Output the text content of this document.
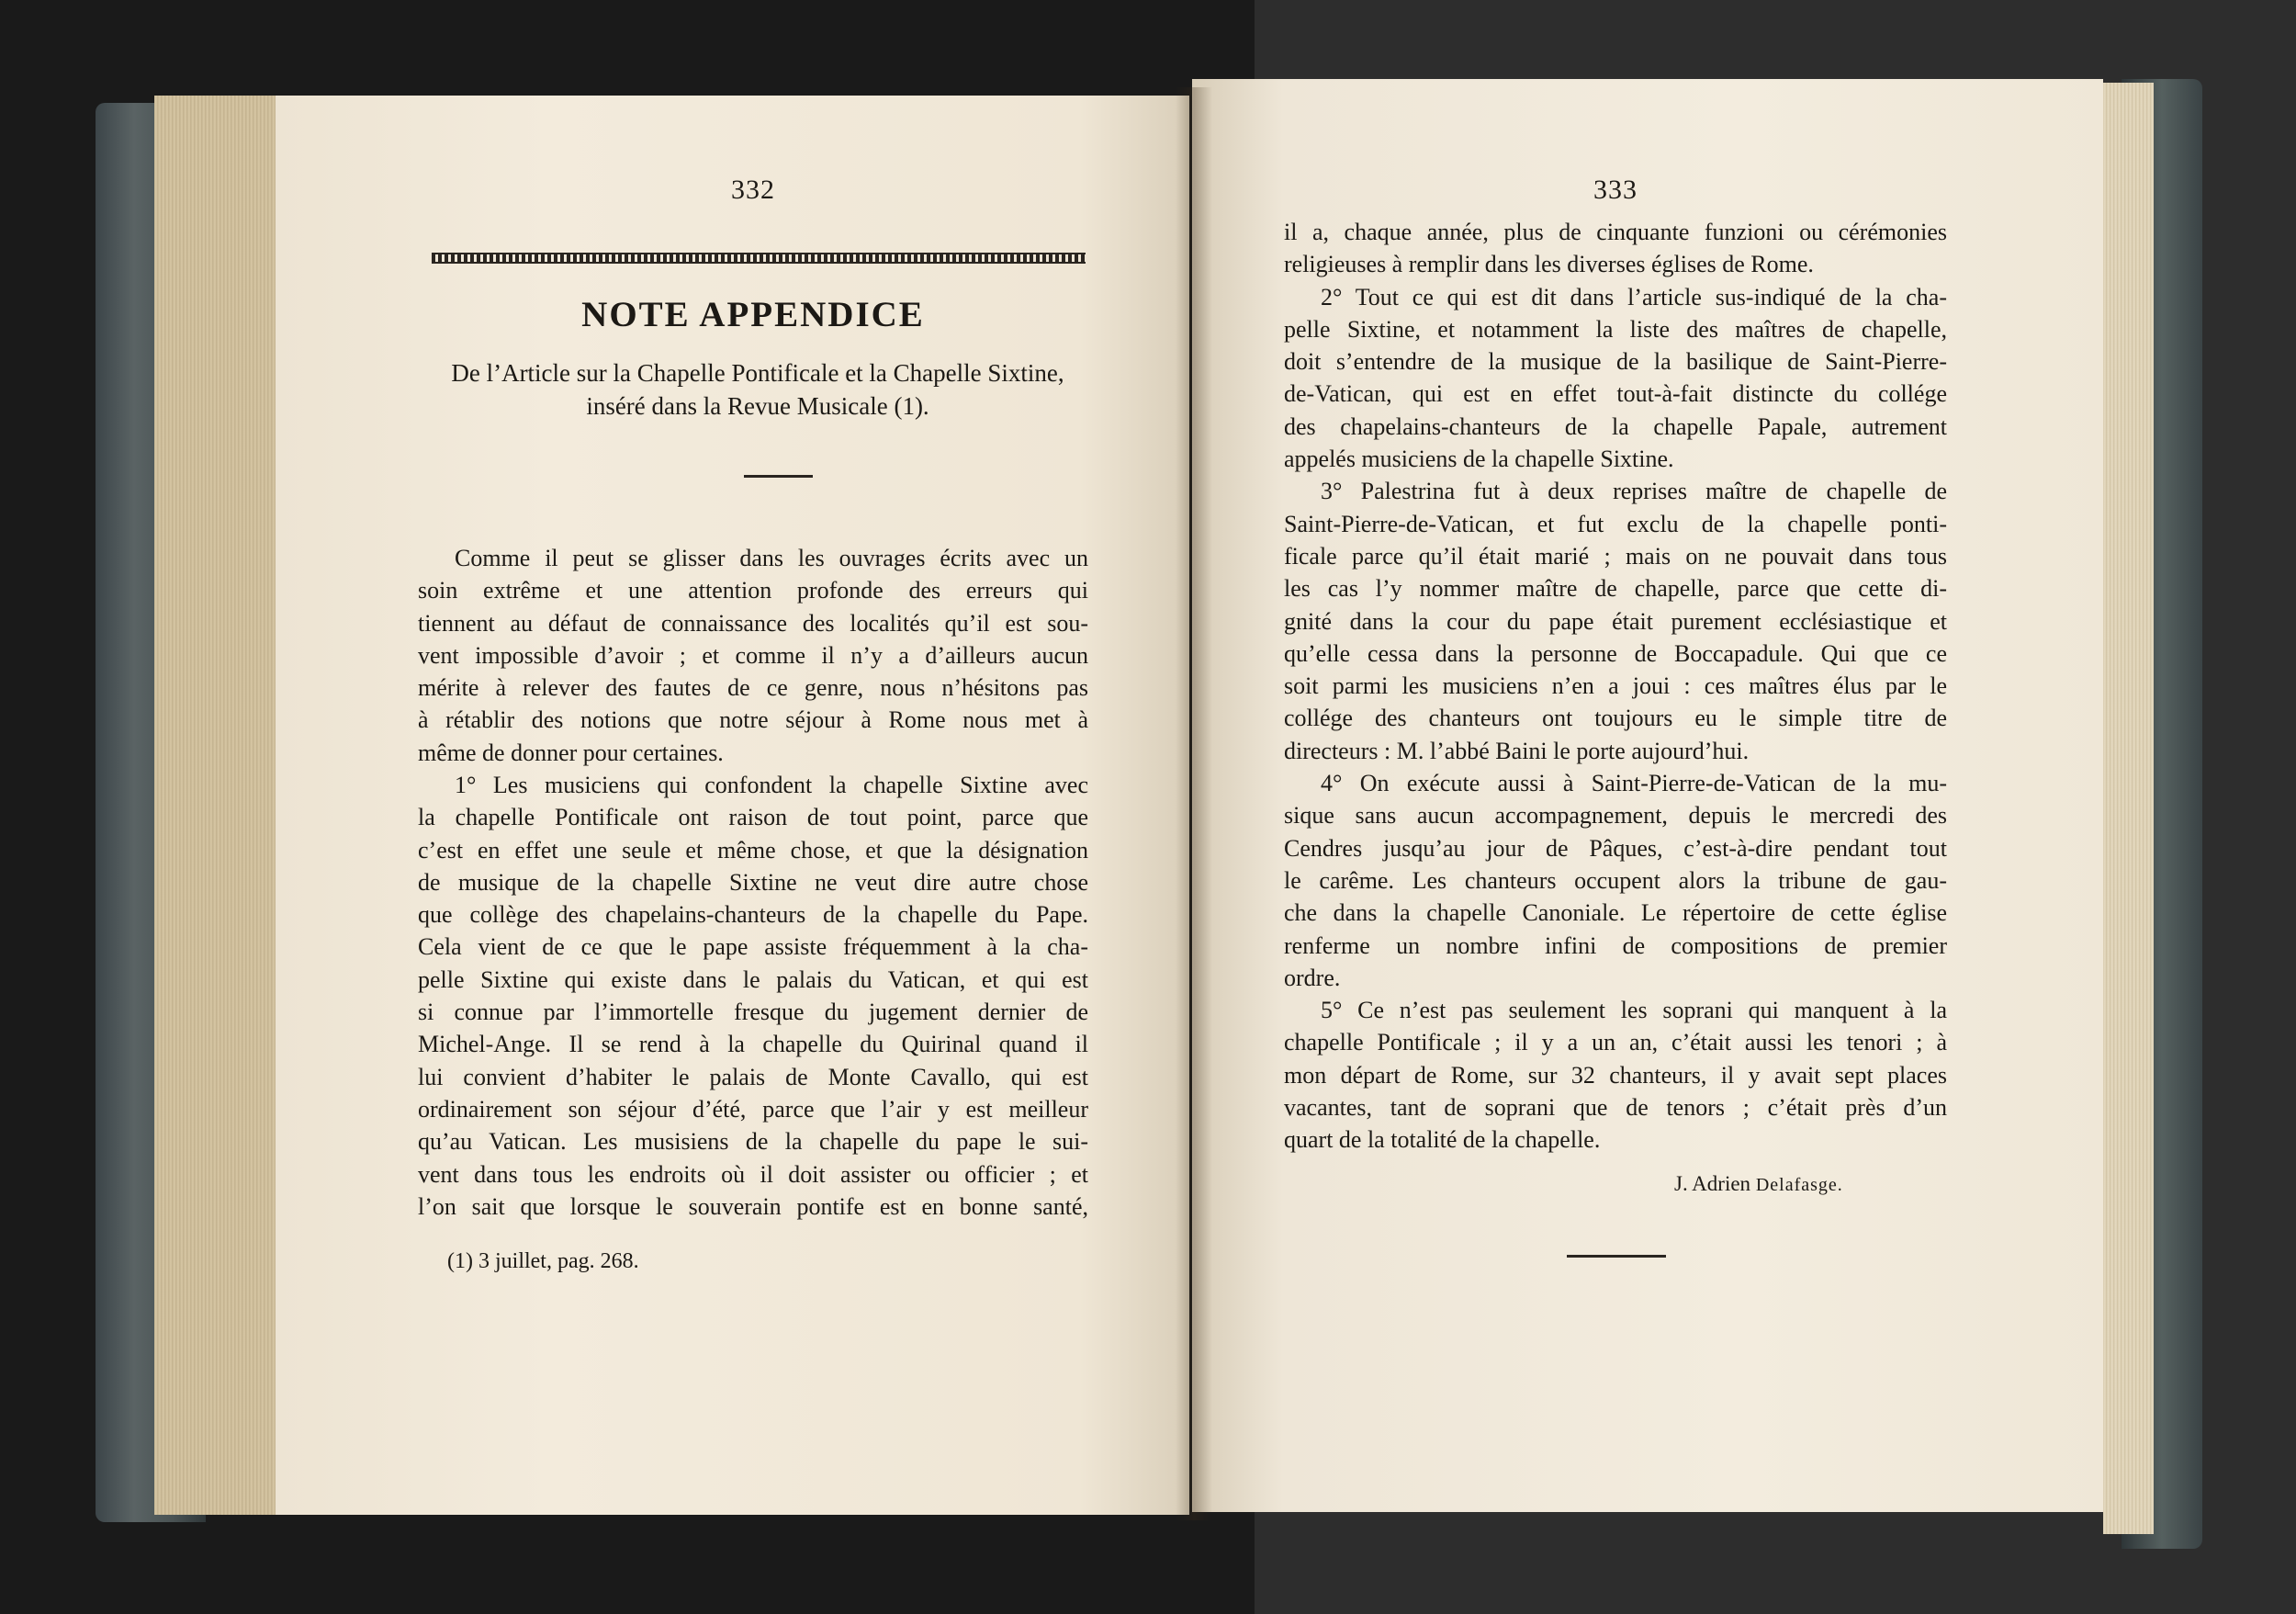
332
NOTE APPENDICE
De l’Article sur la Chapelle Pontificale et la Chapelle Sixtine,
inséré dans la Revue Musicale (1).
Comme il peut se glisser dans les ouvrages écrits avec un
soin extrême et une attention profonde des erreurs qui
tiennent au défaut de connaissance des localités qu’il est sou-
vent impossible d’avoir ; et comme il n’y a d’ailleurs aucun
mérite à relever des fautes de ce genre, nous n’hésitons pas
à rétablir des notions que notre séjour à Rome nous met à
même de donner pour certaines.
1° Les musiciens qui confondent la chapelle Sixtine avec
la chapelle Pontificale ont raison de tout point, parce que
c’est en effet une seule et même chose, et que la désignation
de musique de la chapelle Sixtine ne veut dire autre chose
que collège des chapelains-chanteurs de la chapelle du Pape.
Cela vient de ce que le pape assiste fréquemment à la cha-
pelle Sixtine qui existe dans le palais du Vatican, et qui est
si connue par l’immortelle fresque du jugement dernier de
Michel-Ange. Il se rend à la chapelle du Quirinal quand il
lui convient d’habiter le palais de Monte Cavallo, qui est
ordinairement son séjour d’été, parce que l’air y est meilleur
qu’au Vatican. Les musisiens de la chapelle du pape le sui-
vent dans tous les endroits où il doit assister ou officier ; et
l’on sait que lorsque le souverain pontife est en bonne santé,
(1) 3 juillet, pag. 268.
333
il a, chaque année, plus de cinquante funzioni ou cérémonies
religieuses à remplir dans les diverses églises de Rome.
2° Tout ce qui est dit dans l’article sus-indiqué de la cha-
pelle Sixtine, et notamment la liste des maîtres de chapelle,
doit s’entendre de la musique de la basilique de Saint-Pierre-
de-Vatican, qui est en effet tout-à-fait distincte du collége
des chapelains-chanteurs de la chapelle Papale, autrement
appelés musiciens de la chapelle Sixtine.
3° Palestrina fut à deux reprises maître de chapelle de
Saint-Pierre-de-Vatican, et fut exclu de la chapelle ponti-
ficale parce qu’il était marié ; mais on ne pouvait dans tous
les cas l’y nommer maître de chapelle, parce que cette di-
gnité dans la cour du pape était purement ecclésiastique et
qu’elle cessa dans la personne de Boccapadule. Qui que ce
soit parmi les musiciens n’en a joui : ces maîtres élus par le
collége des chanteurs ont toujours eu le simple titre de
directeurs : M. l’abbé Baini le porte aujourd’hui.
4° On exécute aussi à Saint-Pierre-de-Vatican de la mu-
sique sans aucun accompagnement, depuis le mercredi des
Cendres jusqu’au jour de Pâques, c’est-à-dire pendant tout
le carême. Les chanteurs occupent alors la tribune de gau-
che dans la chapelle Canoniale. Le répertoire de cette église
renferme un nombre infini de compositions de premier
ordre.
5° Ce n’est pas seulement les soprani qui manquent à la
chapelle Pontificale ; il y a un an, c’était aussi les tenori ; à
mon départ de Rome, sur 32 chanteurs, il y avait sept places
vacantes, tant de soprani que de tenors ; c’était près d’un
quart de la totalité de la chapelle.
J. Adrien Delafasge.
